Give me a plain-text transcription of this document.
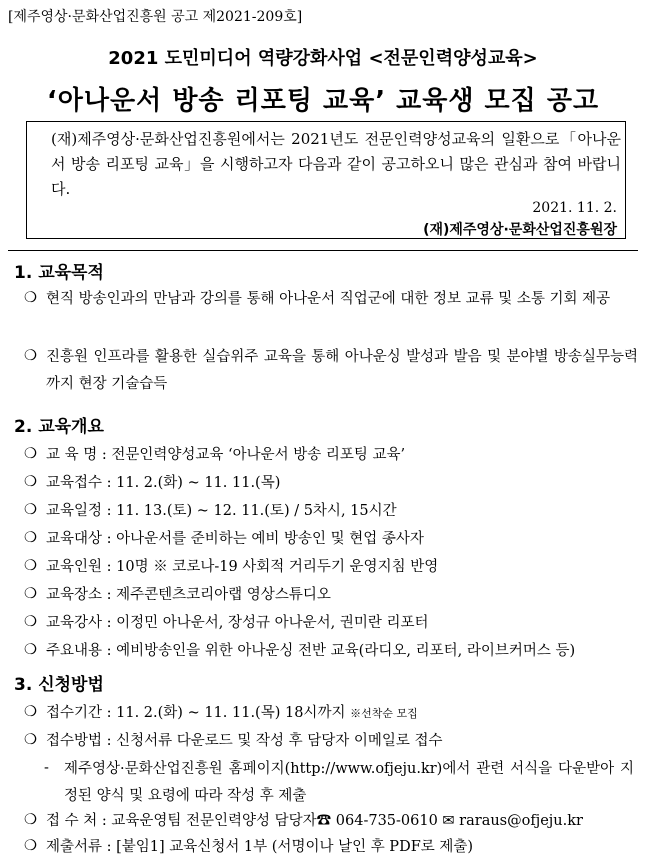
[제주영상·문화산업진흥원 공고 제2021-209호]
2021 도민미디어 역량강화사업 <전문인력양성교육>
‘아나운서 방송 리포팅 교육’ 교육생 모집 공고
(재)제주영상·문화산업진흥원에서는 2021년도 전문인력양성교육의 일환으로「아나운서 방송 리포팅 교육」을 시행하고자 다음과 같이 공고하오니 많은 관심과 참여 바랍니다.
2021. 11. 2.
(재)제주영상·문화산업진흥원장
1. 교육목적
❍ 현직 방송인과의 만남과 강의를 통해 아나운서 직업군에 대한 정보 교류 및 소통 기회 제공
❍ 진흥원 인프라를 활용한 실습위주 교육을 통해 아나운싱 발성과 발음 및 분야별 방송실무능력까지 현장 기술습득
2. 교육개요
❍ 교 육 명 : 전문인력양성교육 ‘아나운서 방송 리포팅 교육’
❍ 교육접수 : 11. 2.(화) ~ 11. 11.(목)
❍ 교육일정 : 11. 13.(토) ~ 12. 11.(토) / 5차시, 15시간
❍ 교육대상 : 아나운서를 준비하는 예비 방송인 및 현업 종사자
❍ 교육인원 : 10명 ※ 코로나-19 사회적 거리두기 운영지침 반영
❍ 교육장소 : 제주콘텐츠코리아랩 영상스튜디오
❍ 교육강사 : 이정민 아나운서, 장성규 아나운서, 권미란 리포터
❍ 주요내용 : 예비방송인을 위한 아나운싱 전반 교육(라디오, 리포터, 라이브커머스 등)
3. 신청방법
❍ 접수기간 : 11. 2.(화) ~ 11. 11.(목) 18시까지 ※선착순 모집
❍ 접수방법 : 신청서류 다운로드 및 작성 후 담당자 이메일로 접수
- 제주영상·문화산업진흥원 홈페이지(http://www.ofjeju.kr)에서 관련 서식을 다운받아 지정된 양식 및 요령에 따라 작성 후 제출
❍ 접 수 처 : 교육운영팀 전문인력양성 담당자☎ 064-735-0610 ✉ raraus@ofjeju.kr
❍ 제출서류 : [붙임1] 교육신청서 1부 (서명이나 날인 후 PDF로 제출)
